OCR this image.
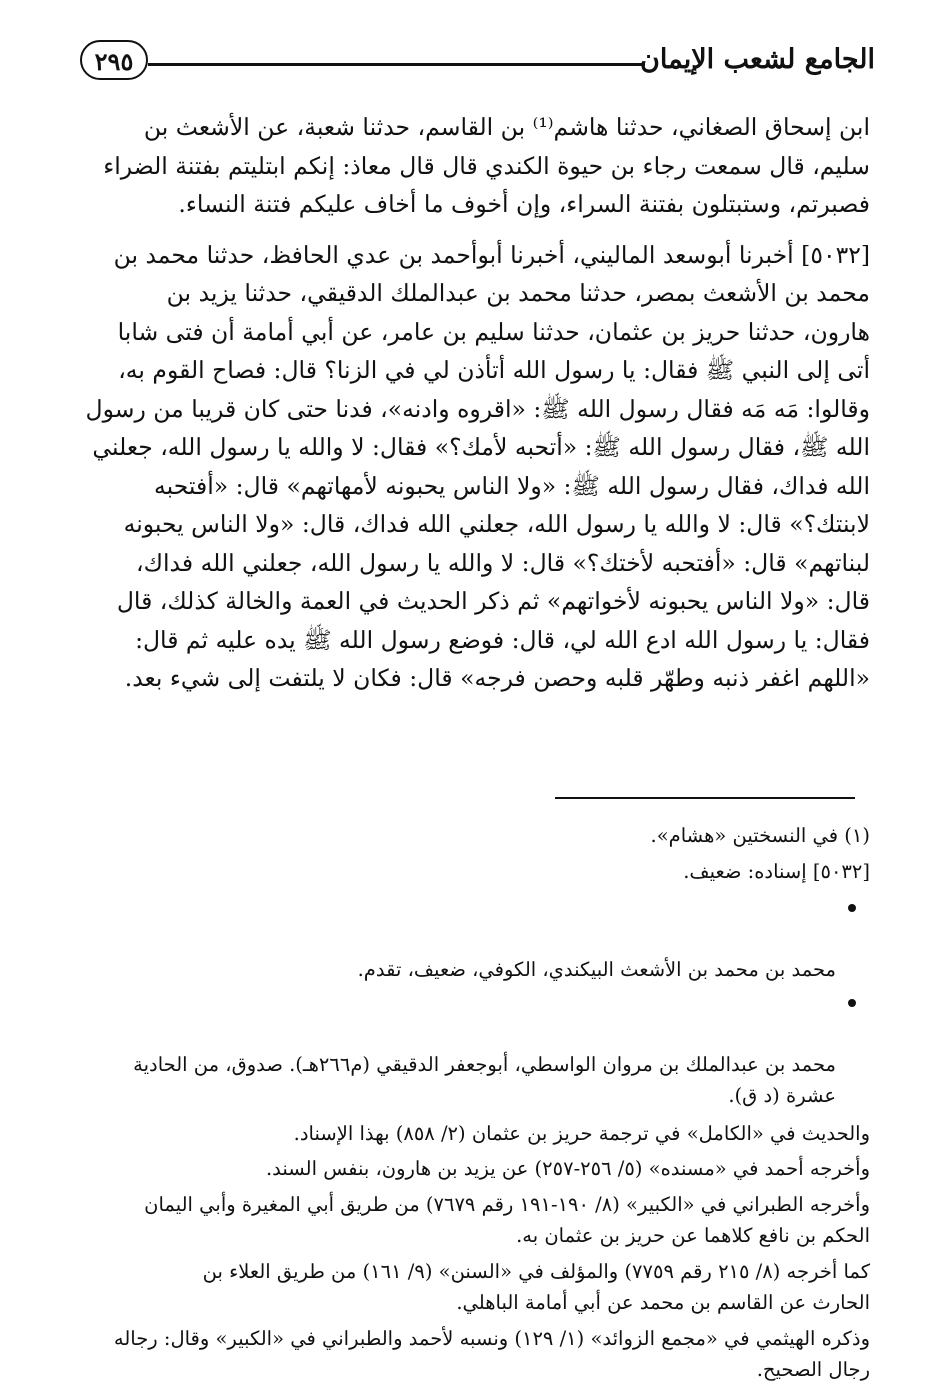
الجامع لشعب الإيمان
٢٩٥

ابن إسحاق الصغاني، حدثنا هاشم⁽¹⁾ بن القاسم، حدثنا شعبة، عن الأشعث بن
سليم، قال سمعت رجاء بن حيوة الكندي قال قال معاذ: إنكم ابتليتم بفتنة الضراء
فصبرتم، وستبتلون بفتنة السراء، وإن أخوف ما أخاف عليكم فتنة النساء.

[٥٠٣٢] أخبرنا أبوسعد الماليني، أخبرنا أبوأحمد بن عدي الحافظ، حدثنا محمد بن
محمد بن الأشعث بمصر، حدثنا محمد بن عبدالملك الدقيقي، حدثنا يزيد بن
هارون، حدثنا حريز بن عثمان، حدثنا سليم بن عامر، عن أبي أمامة أن فتى شابا
أتى إلى النبي ﷺ فقال: يا رسول الله أتأذن لي في الزنا؟ قال: فصاح القوم به،
وقالوا: مَه مَه فقال رسول الله ﷺ: «اقروه وادنه»، فدنا حتى كان قريبا من رسول
الله ﷺ، فقال رسول الله ﷺ: «أتحبه لأمك؟» فقال: لا والله يا رسول الله، جعلني
الله فداك، فقال رسول الله ﷺ: «ولا الناس يحبونه لأمهاتهم» قال: «أفتحبه
لابنتك؟» قال: لا والله يا رسول الله، جعلني الله فداك، قال: «ولا الناس يحبونه
لبناتهم» قال: «أفتحبه لأختك؟» قال: لا والله يا رسول الله، جعلني الله فداك،
قال: «ولا الناس يحبونه لأخواتهم» ثم ذكر الحديث في العمة والخالة كذلك، قال
فقال: يا رسول الله ادع الله لي، قال: فوضع رسول الله ﷺ يده عليه ثم قال:
«اللهم اغفر ذنبه وطهّر قلبه وحصن فرجه» قال: فكان لا يلتفت إلى شيء بعد.

(١) في النسختين «هشام».

[٥٠٣٢] إسناده: ضعيف.

محمد بن محمد بن الأشعث البيكندي، الكوفي، ضعيف، تقدم.

محمد بن عبدالملك بن مروان الواسطي، أبوجعفر الدقيقي (م٢٦٦هـ). صدوق، من الحادية
عشرة (د ق).

والحديث في «الكامل» في ترجمة حريز بن عثمان (٢/ ٨٥٨) بهذا الإسناد.

وأخرجه أحمد في «مسنده» (٥/ ٢٥٦-٢٥٧) عن يزيد بن هارون، بنفس السند.

وأخرجه الطبراني في «الكبير» (٨/ ١٩٠-١٩١ رقم ٧٦٧٩) من طريق أبي المغيرة وأبي اليمان
الحكم بن نافع كلاهما عن حريز بن عثمان به.

كما أخرجه (٨/ ٢١٥ رقم ٧٧٥٩) والمؤلف في «السنن» (٩/ ١٦١) من طريق العلاء بن
الحارث عن القاسم بن محمد عن أبي أمامة الباهلي.

وذكره الهيثمي في «مجمع الزوائد» (١/ ١٢٩) ونسبه لأحمد والطبراني في «الكبير» وقال: رجاله
رجال الصحيح.
